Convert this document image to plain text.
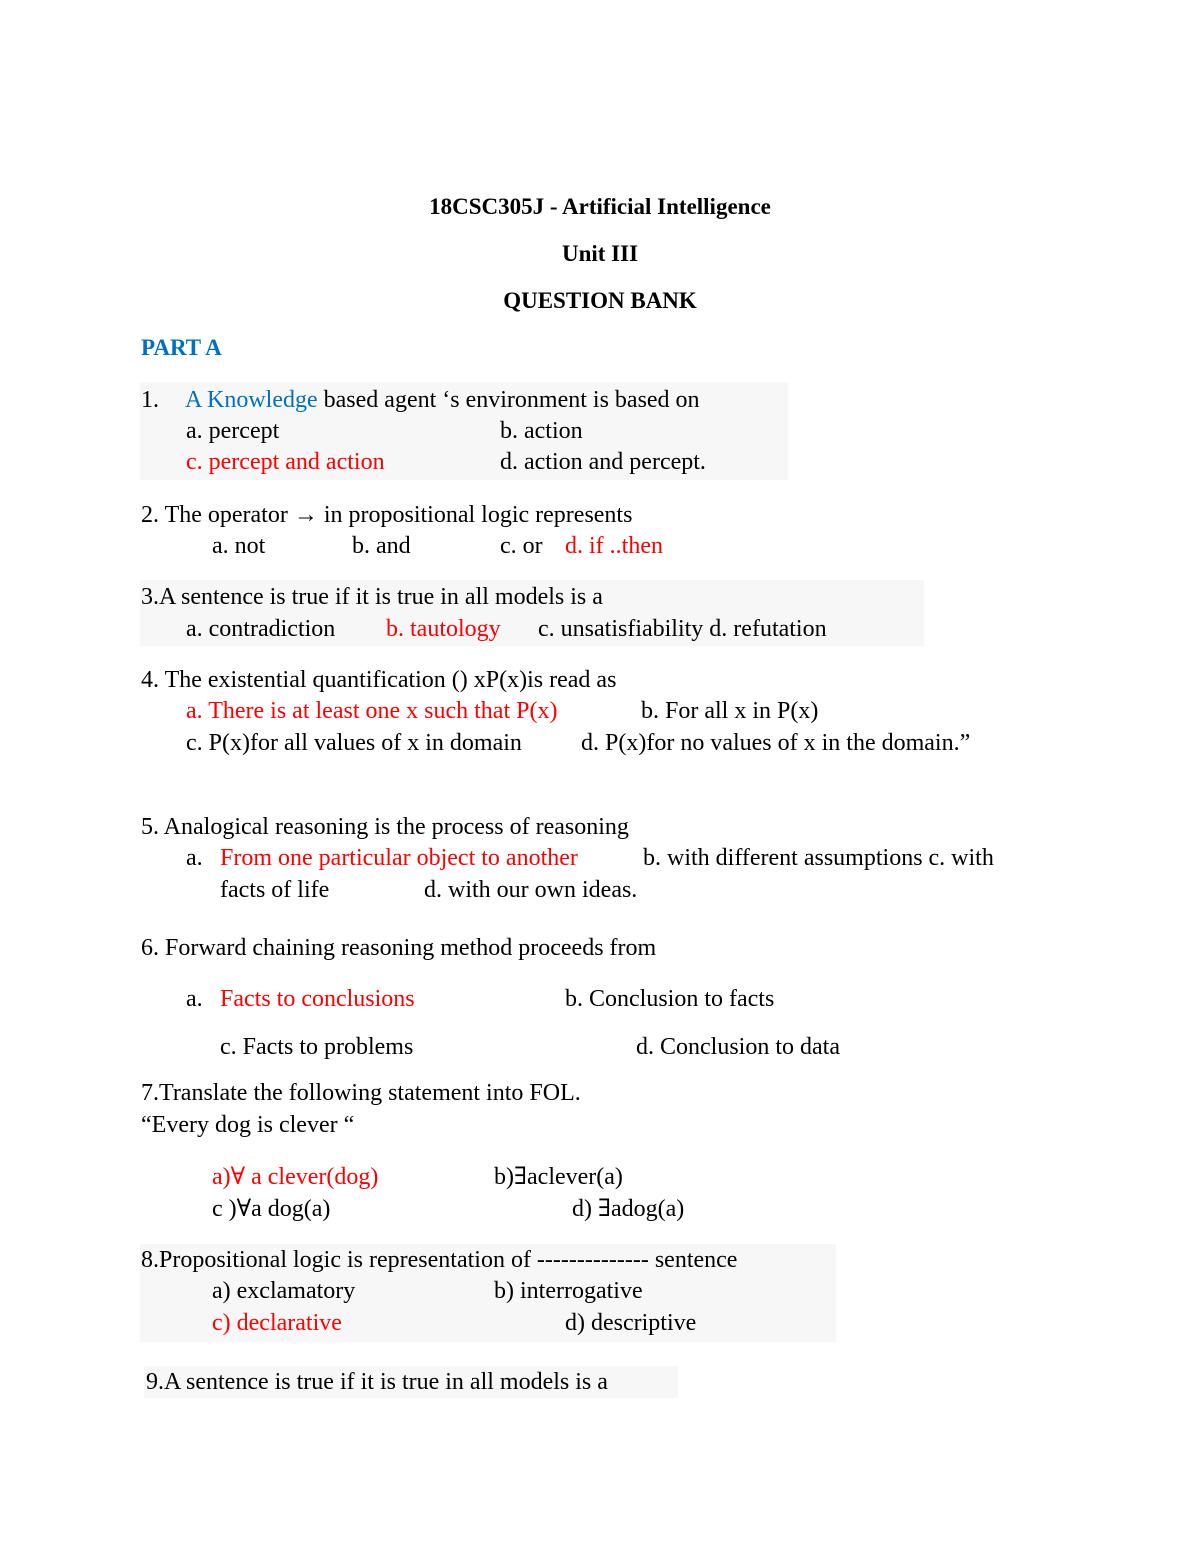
18CSC305J - Artificial Intelligence
Unit III
QUESTION BANK
PART A
1. A Knowledge based agent ‘s environment is based on
a. percept	b. action
c. percept and action	d. action and percept.
2. The operator → in propositional logic represents
a. not	b. and	c. or d. if ..then
3.A sentence is true if it is true in all models is a
a. contradiction b. tautology c. unsatisfiability d. refutation
4. The existential quantification () xP(x)is read as
a. There is at least one x such that P(x)	b. For all x in P(x)
c. P(x)for all values of x in domain d. P(x)for no values of x in the domain.”
5. Analogical reasoning is the process of reasoning
a. From one particular object to another	b. with different assumptions c. with
facts of life	d. with our own ideas.
6. Forward chaining reasoning method proceeds from
a. Facts to conclusions	b. Conclusion to facts
c. Facts to problems	d. Conclusion to data
7.Translate the following statement into FOL.
“Every dog is clever “
a)∀ a clever(dog)	b)∃aclever(a)
c )∀a dog(a)	d) ∃adog(a)
8.Propositional logic is representation of -------------- sentence
a) exclamatory	b) interrogative
c) declarative	d) descriptive
9.A sentence is true if it is true in all models is a
